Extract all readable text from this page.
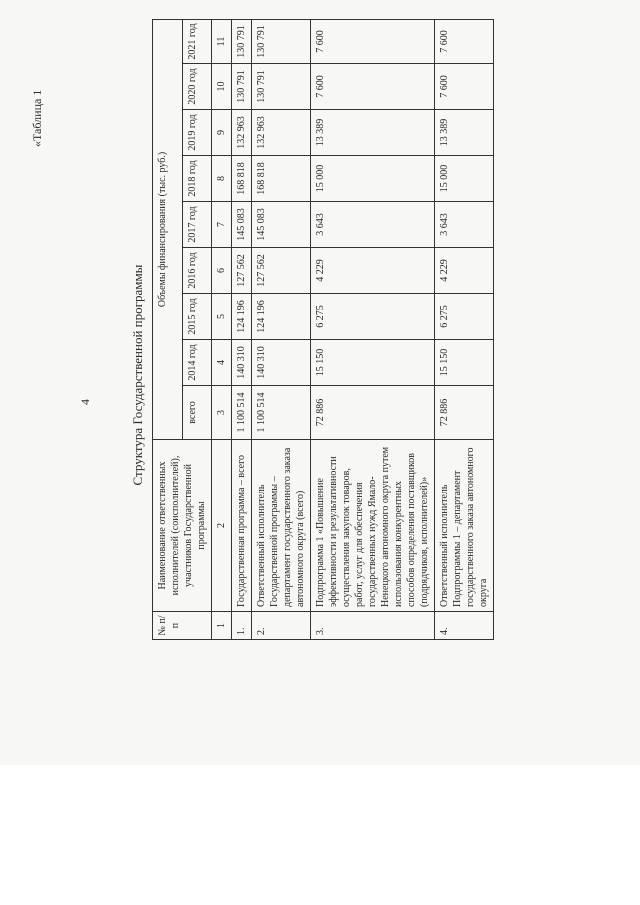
4
«Таблица 1
Структура Государственной программы
№ п/п	Наименование ответственных исполнителей (соисполнителей), участников Государственной программы	Объемы финансирования (тыс. руб.)								
		всего	2014 год	2015 год	2016 год	2017 год	2018 год	2019 год	2020 год	2021 год
1	2	3	4	5	6	7	8	9	10	11
1.	Государственная программа – всего	1 100 514	140 310	124 196	127 562	145 083	168 818	132 963	130 791	130 791
2.	Ответственный исполнитель Государственной программы – департамент государственного заказа автономного округа (всего)	1 100 514	140 310	124 196	127 562	145 083	168 818	132 963	130 791	130 791
3.	Подпрограмма 1 «Повышение эффективности и результативности осуществления закупок товаров, работ, услуг для обеспечения государственных нужд Ямало-Ненецкого автономного округа путем использования конкурентных способов определения поставщиков (подрядчиков, исполнителей)»	72 886	15 150	6 275	4 229	3 643	15 000	13 389	7 600	7 600
4.	Ответственный исполнитель Подпрограммы 1 – департамент государственного заказа автономного округа	72 886	15 150	6 275	4 229	3 643	15 000	13 389	7 600	7 600
